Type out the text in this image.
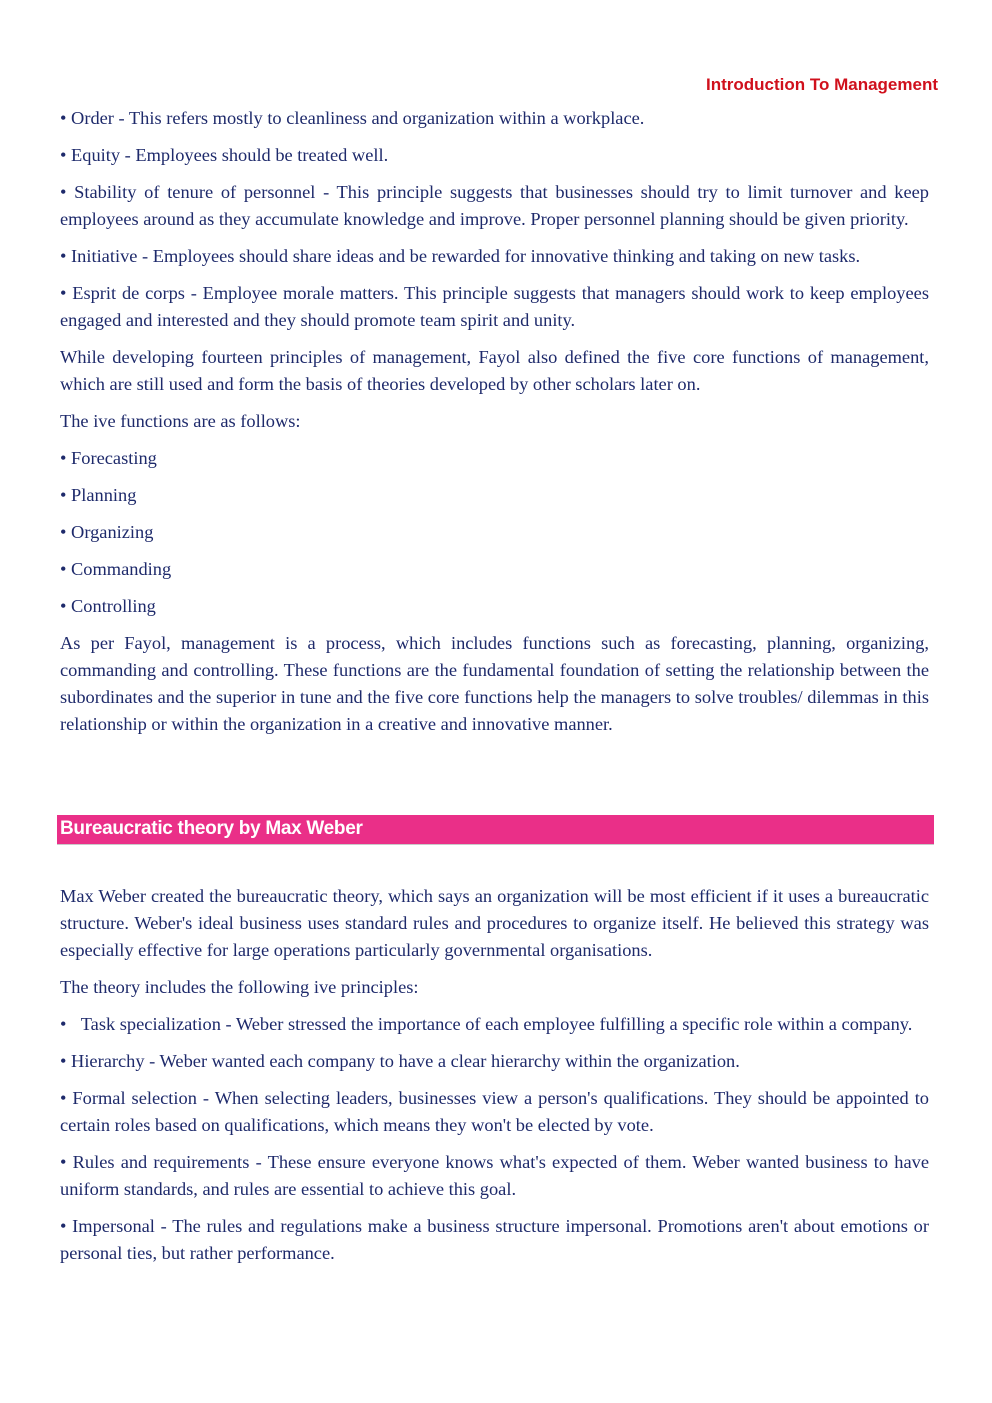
Introduction To Management

• Order - This refers mostly to cleanliness and organization within a workplace.

• Equity - Employees should be treated well.

• Stability of tenure of personnel - This principle suggests that businesses should try to limit turnover and keep employees around as they accumulate knowledge and improve. Proper personnel planning should be given priority.

• Initiative - Employees should share ideas and be rewarded for innovative thinking and taking on new tasks.

• Esprit de corps - Employee morale matters. This principle suggests that managers should work to keep employees engaged and interested and they should promote team spirit and unity.

While developing fourteen principles of management, Fayol also defined the five core functions of management, which are still used and form the basis of theories developed by other scholars later on.

The ive functions are as follows:

• Forecasting

• Planning

• Organizing

• Commanding

• Controlling

As per Fayol, management is a process, which includes functions such as forecasting, planning, organizing, commanding and controlling. These functions are the fundamental foundation of setting the relationship between the subordinates and the superior in tune and the five core functions help the managers to solve troubles/ dilemmas in this relationship or within the organization in a creative and innovative manner.

Bureaucratic theory by Max Weber

Max Weber created the bureaucratic theory, which says an organization will be most efficient if it uses a bureaucratic structure. Weber's ideal business uses standard rules and procedures to organize itself. He believed this strategy was especially effective for large operations particularly governmental organisations.

The theory includes the following ive principles:

• Task specialization - Weber stressed the importance of each employee fulfilling a specific role within a company.

• Hierarchy - Weber wanted each company to have a clear hierarchy within the organization.

• Formal selection - When selecting leaders, businesses view a person's qualifications. They should be appointed to certain roles based on qualifications, which means they won't be elected by vote.

• Rules and requirements - These ensure everyone knows what's expected of them. Weber wanted business to have uniform standards, and rules are essential to achieve this goal.

• Impersonal - The rules and regulations make a business structure impersonal. Promotions aren't about emotions or personal ties, but rather performance.
